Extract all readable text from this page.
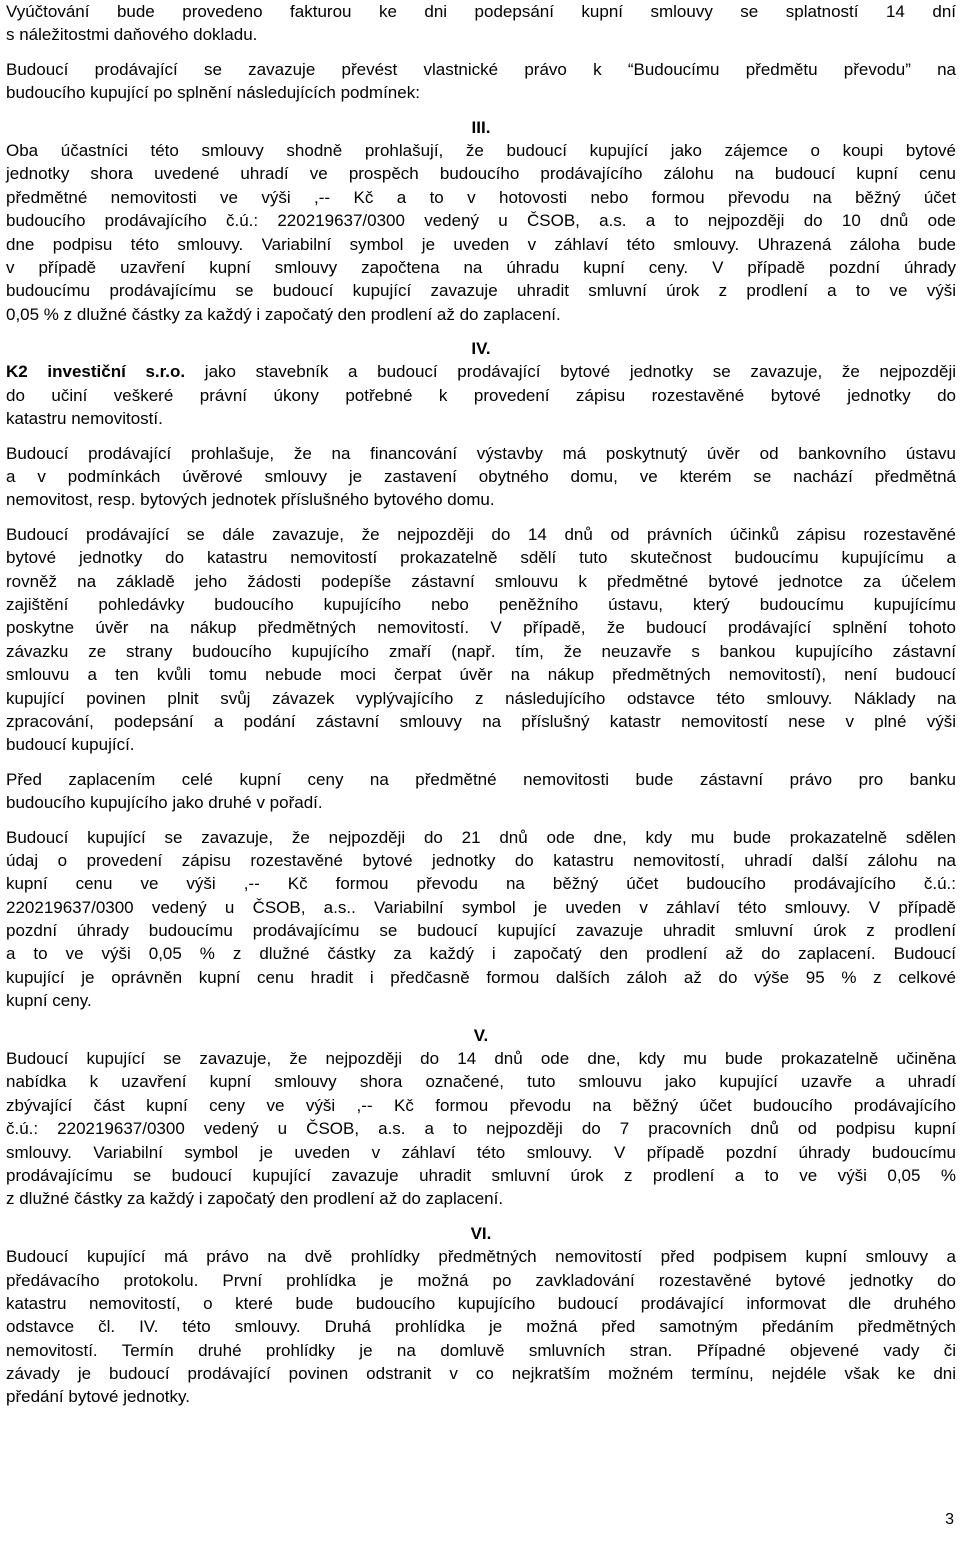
Vyúčtování bude provedeno fakturou ke dni podepsání kupní smlouvy se splatností 14 dní
s náležitostmi daňového dokladu.
Budoucí prodávající se zavazuje převést vlastnické právo k “Budoucímu předmětu převodu” na
budoucího kupující po splnění následujících podmínek:
III.
Oba účastníci této smlouvy shodně prohlašují, že budoucí kupující jako zájemce o koupi bytové
jednotky shora uvedené uhradí ve prospěch budoucího prodávajícího zálohu na budoucí kupní cenu
předmětné nemovitosti ve výši ,-- Kč a to v hotovosti nebo formou převodu na běžný účet
budoucího prodávajícího č.ú.: 220219637/0300 vedený u ČSOB, a.s. a to nejpozději do 10 dnů ode
dne podpisu této smlouvy. Variabilní symbol je uveden v záhlaví této smlouvy. Uhrazená záloha bude
v případě uzavření kupní smlouvy započtena na úhradu kupní ceny. V případě pozdní úhrady
budoucímu prodávajícímu se budoucí kupující zavazuje uhradit smluvní úrok z prodlení a to ve výši
0,05 % z dlužné částky za každý i započatý den prodlení až do zaplacení.
IV.
K2 investiční s.r.o. jako stavebník a budoucí prodávající bytové jednotky se zavazuje, že nejpozději
do učiní veškeré právní úkony potřebné k provedení zápisu rozestavěné bytové jednotky do
katastru nemovitostí.
Budoucí prodávající prohlašuje, že na financování výstavby má poskytnutý úvěr od bankovního ústavu
a v podmínkách úvěrové smlouvy je zastavení obytného domu, ve kterém se nachází předmětná
nemovitost, resp. bytových jednotek příslušného bytového domu.
Budoucí prodávající se dále zavazuje, že nejpozději do 14 dnů od právních účinků zápisu rozestavěné
bytové jednotky do katastru nemovitostí prokazatelně sdělí tuto skutečnost budoucímu kupujícímu a
rovněž na základě jeho žádosti podepíše zástavní smlouvu k předmětné bytové jednotce za účelem
zajištění pohledávky budoucího kupujícího nebo peněžního ústavu, který budoucímu kupujícímu
poskytne úvěr na nákup předmětných nemovitostí. V případě, že budoucí prodávající splnění tohoto
závazku ze strany budoucího kupujícího zmaří (např. tím, že neuzavře s bankou kupujícího zástavní
smlouvu a ten kvůli tomu nebude moci čerpat úvěr na nákup předmětných nemovitostí), není budoucí
kupující povinen plnit svůj závazek vyplývajícího z následujícího odstavce této smlouvy. Náklady na
zpracování, podepsání a podání zástavní smlouvy na příslušný katastr nemovitostí nese v plné výši
budoucí kupující.
Před zaplacením celé kupní ceny na předmětné nemovitosti bude zástavní právo pro banku
budoucího kupujícího jako druhé v pořadí.
Budoucí kupující se zavazuje, že nejpozději do 21 dnů ode dne, kdy mu bude prokazatelně sdělen
údaj o provedení zápisu rozestavěné bytové jednotky do katastru nemovitostí, uhradí další zálohu na
kupní cenu ve výši ,-- Kč formou převodu na běžný účet budoucího prodávajícího č.ú.:
220219637/0300 vedený u ČSOB, a.s.. Variabilní symbol je uveden v záhlaví této smlouvy. V případě
pozdní úhrady budoucímu prodávajícímu se budoucí kupující zavazuje uhradit smluvní úrok z prodlení
a to ve výši 0,05 % z dlužné částky za každý i započatý den prodlení až do zaplacení. Budoucí
kupující je oprávněn kupní cenu hradit i předčasně formou dalších záloh až do výše 95 % z celkové
kupní ceny.
V.
Budoucí kupující se zavazuje, že nejpozději do 14 dnů ode dne, kdy mu bude prokazatelně učiněna
nabídka k uzavření kupní smlouvy shora označené, tuto smlouvu jako kupující uzavře a uhradí
zbývající část kupní ceny ve výši ,-- Kč formou převodu na běžný účet budoucího prodávajícího
č.ú.: 220219637/0300 vedený u ČSOB, a.s. a to nejpozději do 7 pracovních dnů od podpisu kupní
smlouvy. Variabilní symbol je uveden v záhlaví této smlouvy. V případě pozdní úhrady budoucímu
prodávajícímu se budoucí kupující zavazuje uhradit smluvní úrok z prodlení a to ve výši 0,05 %
z dlužné částky za každý i započatý den prodlení až do zaplacení.
VI.
Budoucí kupující má právo na dvě prohlídky předmětných nemovitostí před podpisem kupní smlouvy a
předávacího protokolu. První prohlídka je možná po zavkladování rozestavěné bytové jednotky do
katastru nemovitostí, o které bude budoucího kupujícího budoucí prodávající informovat dle druhého
odstavce čl. IV. této smlouvy. Druhá prohlídka je možná před samotným předáním předmětných
nemovitostí. Termín druhé prohlídky je na domluvě smluvních stran. Případné objevené vady či
závady je budoucí prodávající povinen odstranit v co nejkratším možném termínu, nejdéle však ke dni
předání bytové jednotky.
3
